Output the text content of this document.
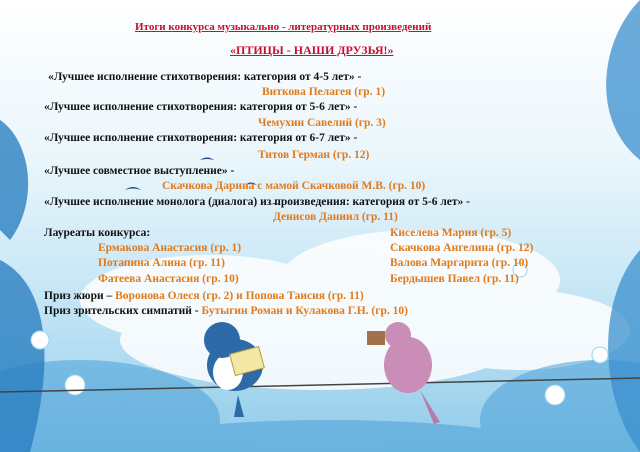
Итоги конкурса музыкально - литературных произведений
«ПТИЦЫ - НАШИ ДРУЗЬЯ!»
«Лучшее исполнение стихотворения: категория от 4-5 лет» -
Витковa Пелагея (гр. 1)
«Лучшее исполнение стихотворения: категория от 5-6 лет» -
Чемухин Савелий (гр. 3)
«Лучшее исполнение стихотворения: категория от 6-7 лет» -
Титов Герман (гр. 12)
«Лучшее совместное выступление» -
Скачкова Дарина с мамой Скачковой М.В. (гр. 10)
«Лучшее исполнение монолога (диалога) из произведения: категория от 5-6 лет» -
Денисов Даниил (гр. 11)
Лауреаты конкурса:
Ермакова Анастасия (гр. 1)
Потапина Алина (гр. 11)
Фатеева Анастасия (гр. 10)
Киселева Мария (гр. 5)
Скачкова Ангелина (гр. 12)
Валова Маргарита (гр. 10)
Бердышев Павел (гр. 11)
Приз жюри – Воронова Олеся (гр. 2) и Попова Таисия (гр. 11)
Приз зрительских симпатий - Бутыгин Роман и Кулакова Г.Н. (гр. 10)
